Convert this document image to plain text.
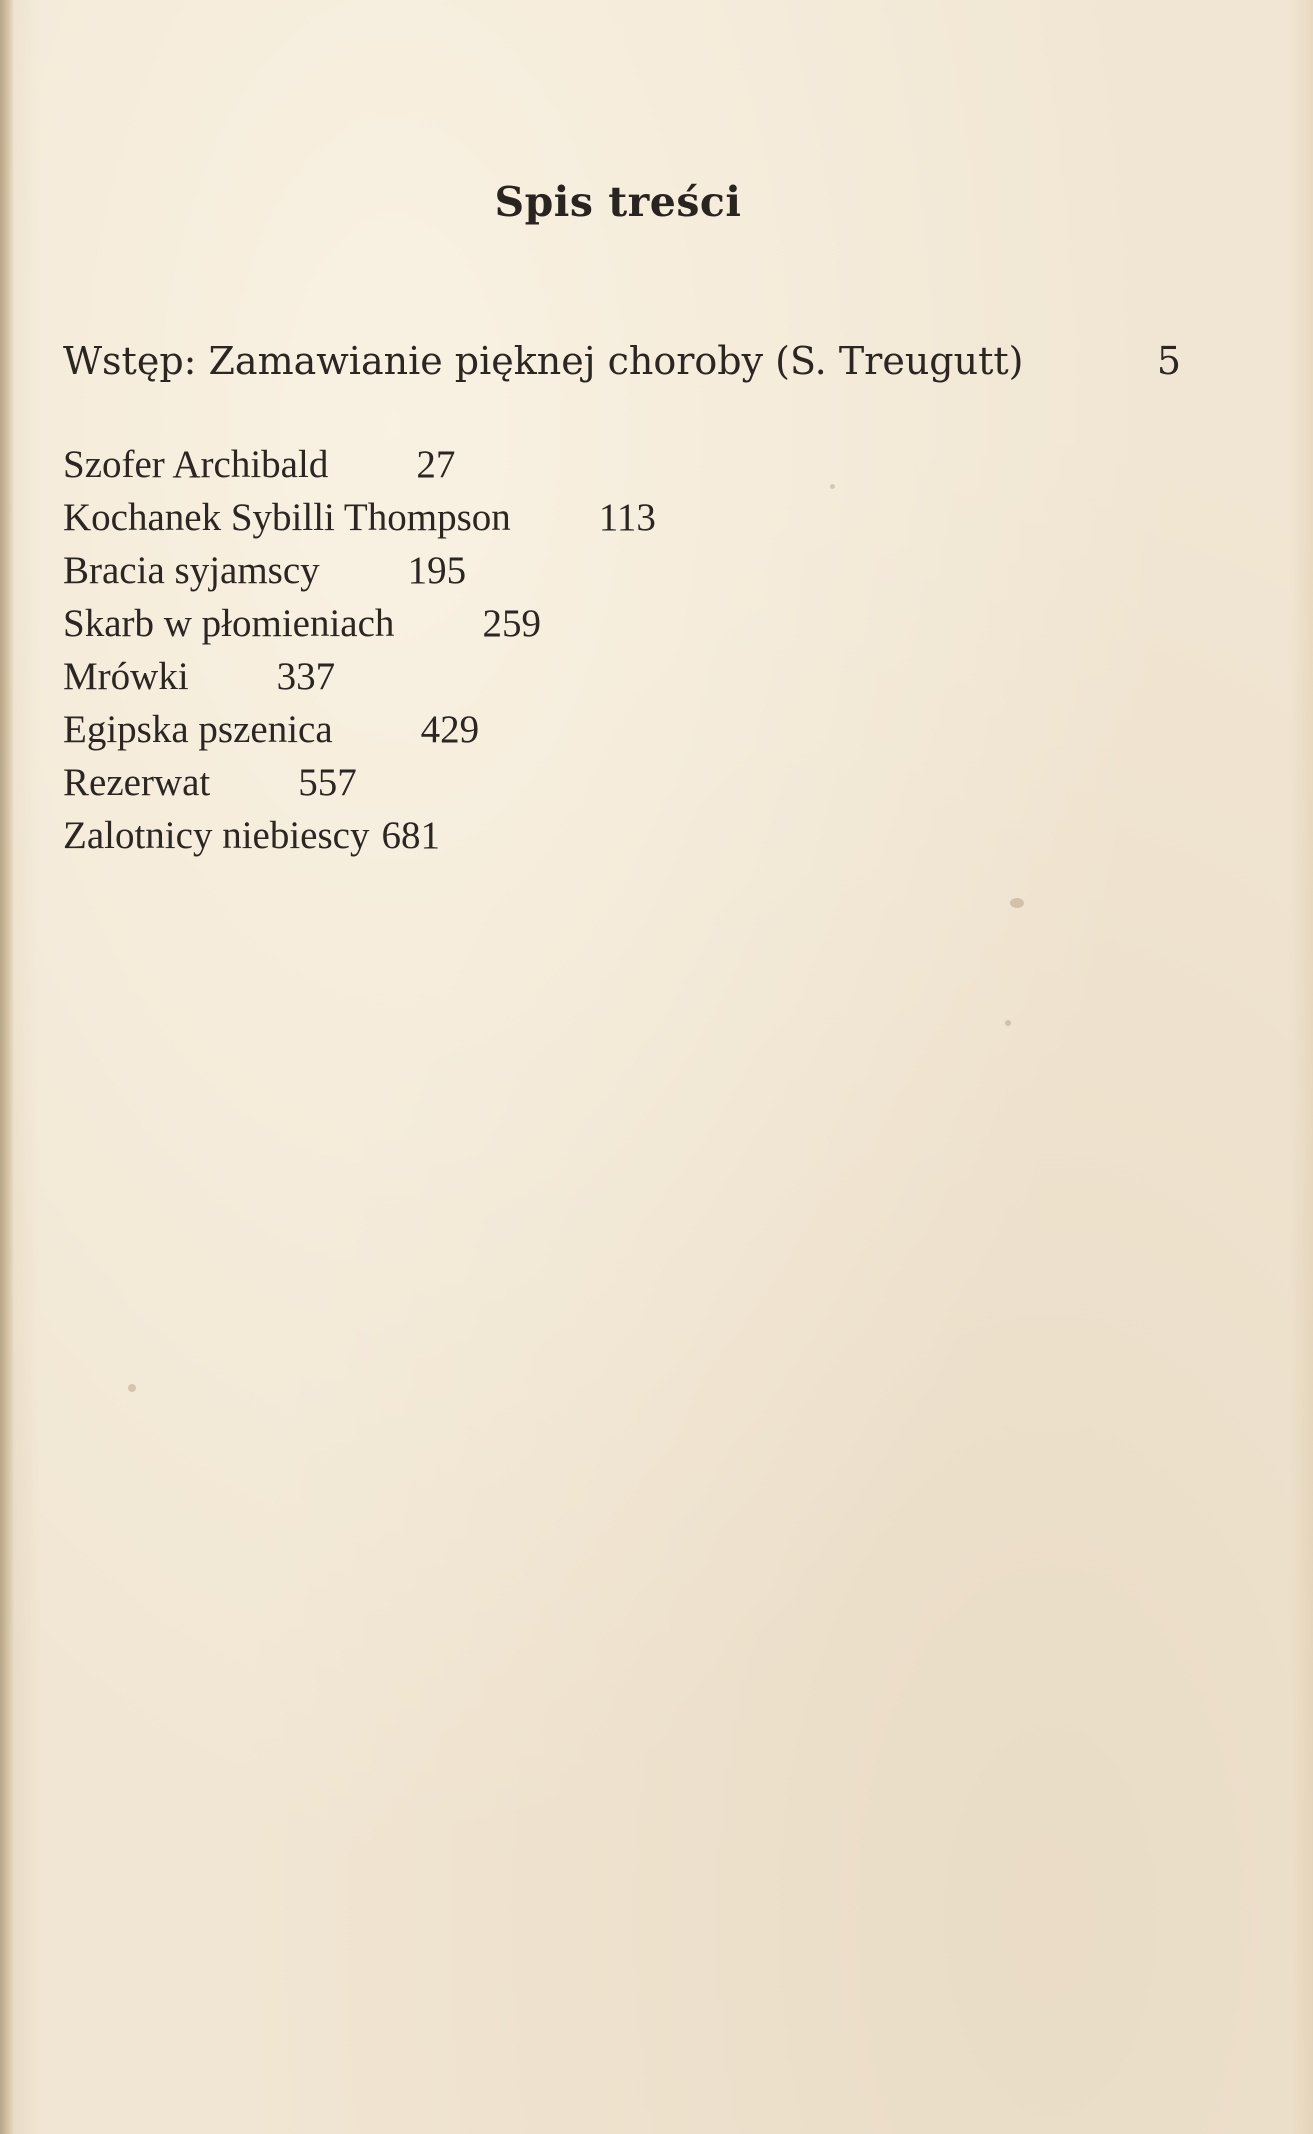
Spis treści
Wstęp: Zamawianie pięknej choroby (S. Treugutt)	5
Szofer Archibald 27
Kochanek Sybilli Thompson 113
Bracia syjamscy 195
Skarb w płomieniach 259
Mrówki 337
Egipska pszenica 429
Rezerwat 557
Zalotnicy niebiescy 681
